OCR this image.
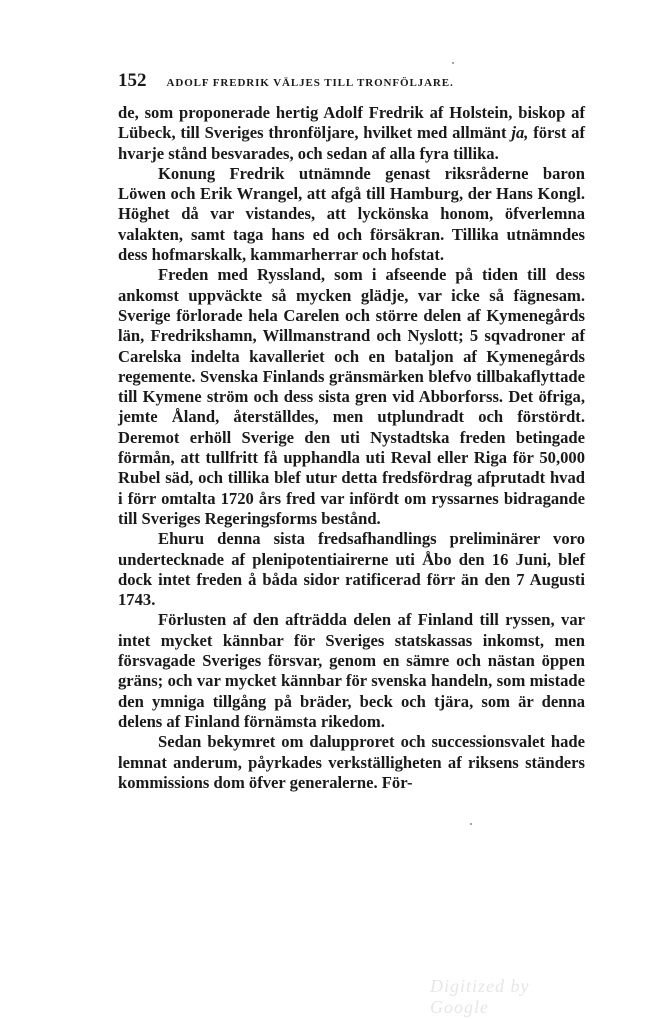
152 ADOLF FREDRIK VÄLJES TILL TRONFÖLJARE.

de, som proponerade hertig Adolf Fredrik af Holstein, biskop af Lübeck, till Sveriges thronföljare, hvilket med allmänt ja, först af hvarje stånd besvarades, och sedan af alla fyra tillika.

Konung Fredrik utnämnde genast riksråderne baron Löwen och Erik Wrangel, att afgå till Hamburg, der Hans Kongl. Höghet då var vistandes, att lyckönska honom, öfverlemna valakten, samt taga hans ed och försäkran. Tillika utnämndes dess hofmarskalk, kammarherrar och hofstat.

Freden med Ryssland, som i afseende på tiden till dess ankomst uppväckte så mycken glädje, var icke så fägnesam. Sverige förlorade hela Carelen och större delen af Kymenegårds län, Fredrikshamn, Willmanstrand och Nyslott; 5 sqvadroner af Carelska indelta kavalleriet och en bataljon af Kymenegårds regemente. Svenska Finlands gränsmärken blefvo tillbakaflyttade till Kymene ström och dess sista gren vid Abborforss. Det öfriga, jemte Åland, återställdes, men utplundradt och förstördt. Deremot erhöll Sverige den uti Nystadtska freden betingade förmån, att tullfritt få upphandla uti Reval eller Riga för 50,000 Rubel säd, och tillika blef utur detta fredsfördrag afprutadt hvad i förr omtalta 1720 års fred var infördt om ryssarnes bidragande till Sveriges Regeringsforms bestånd.

Ehuru denna sista fredsafhandlings preliminärer voro undertecknade af plenipotentiairerne uti Åbo den 16 Juni, blef dock intet freden å båda sidor ratificerad förr än den 7 Augusti 1743.

Förlusten af den afträdda delen af Finland till ryssen, var intet mycket kännbar för Sveriges statskassas inkomst, men försvagade Sveriges försvar, genom en sämre och nästan öppen gräns; och var mycket kännbar för svenska handeln, som mistade den ymniga tillgång på bräder, beck och tjära, som är denna delens af Finland förnämsta rikedom.

Sedan bekymret om dalupproret och successionsvalet hade lemnat anderum, påyrkades verkställigheten af riksens ständers kommissions dom öfver generalerne. För-

Digitized by Google
